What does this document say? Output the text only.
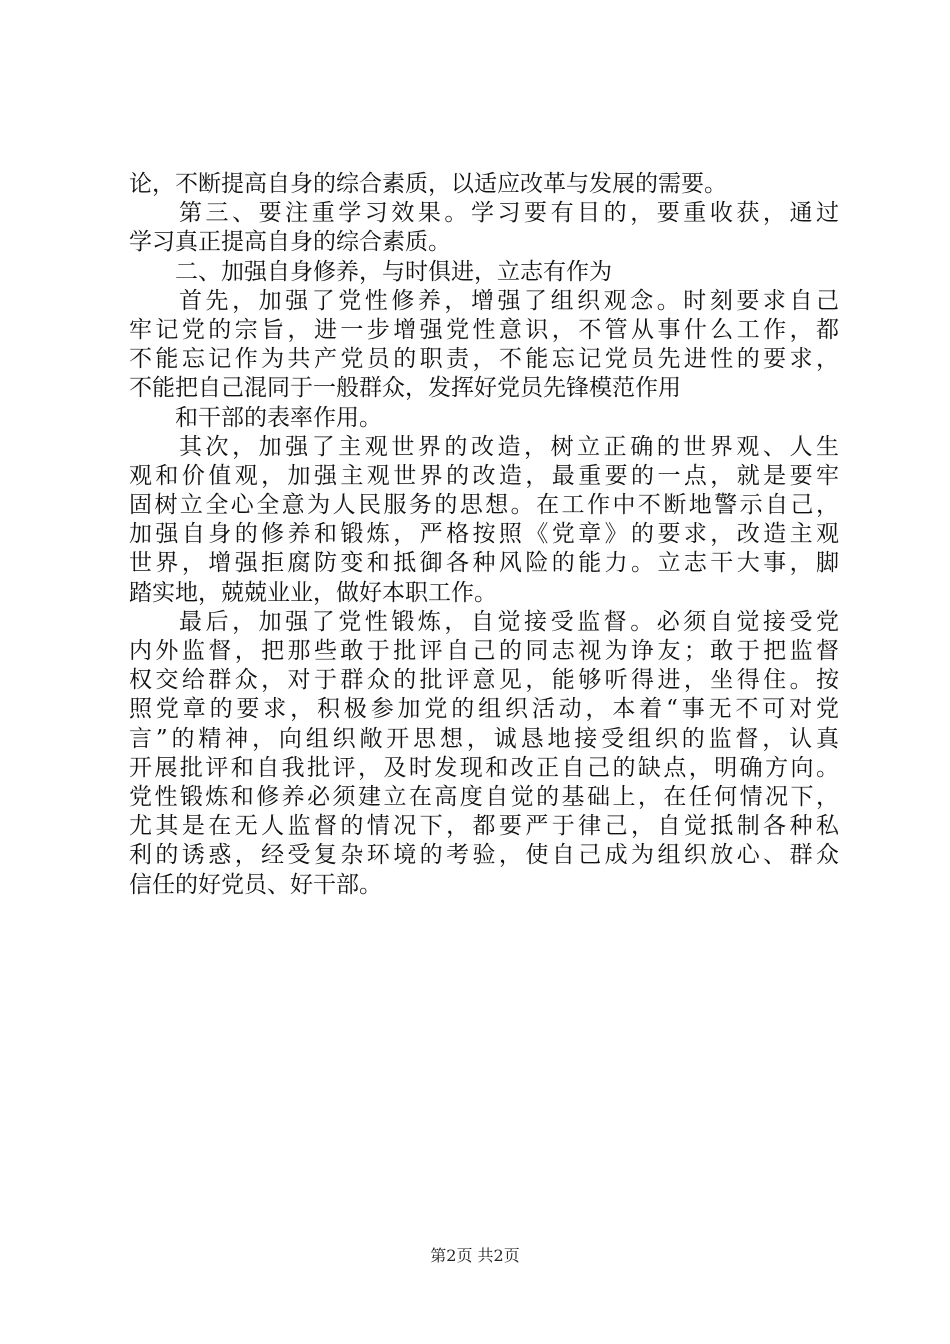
论，不断提高自身的综合素质，以适应改革与发展的需要。
第三、要注重学习效果。学习要有目的，要重收获，通过
学习真正提高自身的综合素质。
二、加强自身修养，与时俱进，立志有作为
首先，加强了党性修养，增强了组织观念。时刻要求自己
牢记党的宗旨，进一步增强党性意识，不管从事什么工作，都
不能忘记作为共产党员的职责，不能忘记党员先进性的要求，
不能把自己混同于一般群众，发挥好党员先锋模范作用
和干部的表率作用。
其次，加强了主观世界的改造，树立正确的世界观、人生
观和价值观，加强主观世界的改造，最重要的一点，就是要牢
固树立全心全意为人民服务的思想。在工作中不断地警示自己，
加强自身的修养和锻炼，严格按照《党章》的要求，改造主观
世界，增强拒腐防变和抵御各种风险的能力。立志干大事，脚
踏实地，兢兢业业，做好本职工作。
最后，加强了党性锻炼，自觉接受监督。必须自觉接受党
内外监督，把那些敢于批评自己的同志视为诤友；敢于把监督
权交给群众，对于群众的批评意见，能够听得进，坐得住。按
照党章的要求，积极参加党的组织活动，本着“事无不可对党
言”的精神，向组织敞开思想，诚恳地接受组织的监督，认真
开展批评和自我批评，及时发现和改正自己的缺点，明确方向。
党性锻炼和修养必须建立在高度自觉的基础上，在任何情况下，
尤其是在无人监督的情况下，都要严于律己，自觉抵制各种私
利的诱惑，经受复杂环境的考验，使自己成为组织放心、群众
信任的好党员、好干部。
第2页 共2页
